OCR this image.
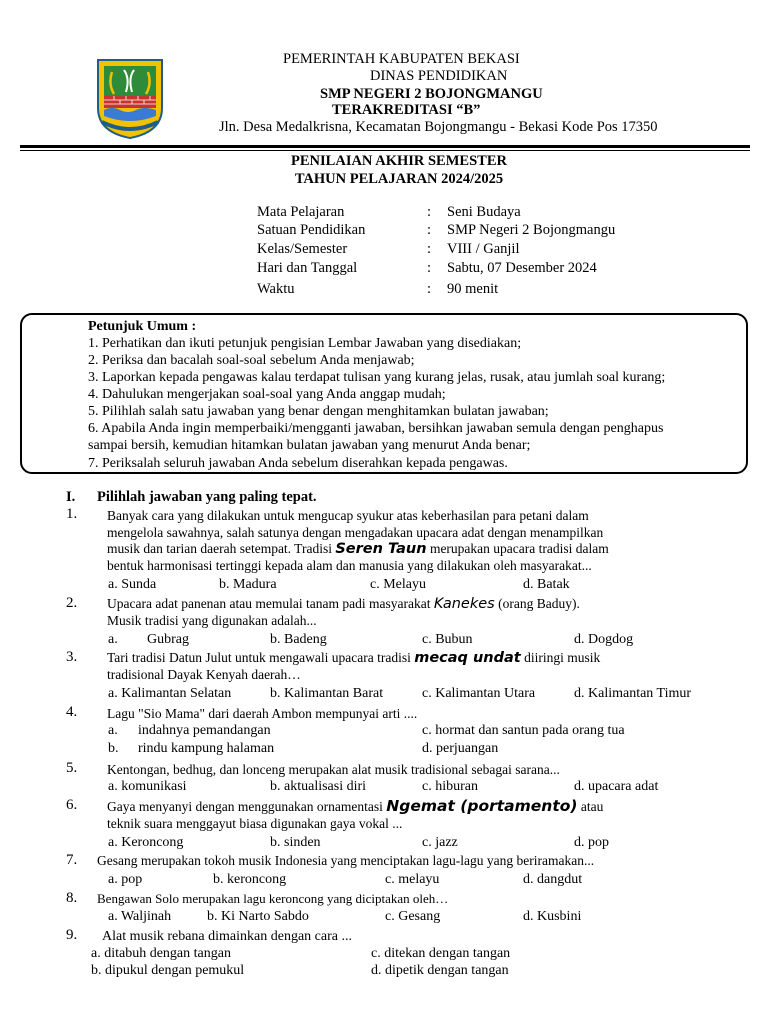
PEMERINTAH KABUPATEN BEKASI
DINAS PENDIDIKAN
SMP NEGERI 2 BOJONGMANGU
TERAKREDITASI “B”
Jln. Desa Medalkrisna, Kecamatan Bojongmangu - Bekasi Kode Pos 17350
PENILAIAN AKHIR SEMESTER
TAHUN PELAJARAN 2024/2025
Mata Pelajaran	: Seni Budaya
Satuan Pendidikan	: SMP Negeri 2 Bojongmangu
Kelas/Semester	: VIII / Ganjil
Hari dan Tanggal	: Sabtu, 07 Desember 2024
Waktu	: 90 menit
Petunjuk Umum :
1. Perhatikan dan ikuti petunjuk pengisian Lembar Jawaban yang disediakan;
2. Periksa dan bacalah soal-soal sebelum Anda menjawab;
3. Laporkan kepada pengawas kalau terdapat tulisan yang kurang jelas, rusak, atau jumlah soal kurang;
4. Dahulukan mengerjakan soal-soal yang Anda anggap mudah;
5. Pilihlah salah satu jawaban yang benar dengan menghitamkan bulatan jawaban;
6. Apabila Anda ingin memperbaiki/mengganti jawaban, bersihkan jawaban semula dengan penghapus
sampai bersih, kemudian hitamkan bulatan jawaban yang menurut Anda benar;
7. Periksalah seluruh jawaban Anda sebelum diserahkan kepada pengawas.
I. Pilihlah jawaban yang paling tepat.
1. Banyak cara yang dilakukan untuk mengucap syukur atas keberhasilan para petani dalam
mengelola sawahnya, salah satunya dengan mengadakan upacara adat dengan menampilkan
musik dan tarian daerah setempat. Tradisi Seren Taun merupakan upacara tradisi dalam
bentuk harmonisasi tertinggi kepada alam dan manusia yang dilakukan oleh masyarakat...
a. Sunda	b. Madura	c. Melayu	d. Batak
2. Upacara adat panenan atau memulai tanam padi masyarakat Kanekes (orang Baduy).
Musik tradisi yang digunakan adalah...
a. Gubrag	b. Badeng	c. Bubun	d. Dogdog
3. Tari tradisi Datun Julut untuk mengawali upacara tradisi mecaq undat diiringi musik
tradisional Dayak Kenyah daerah…
a. Kalimantan Selatan	b. Kalimantan Barat	c. Kalimantan Utara	d. Kalimantan Timur
4. Lagu "Sio Mama" dari daerah Ambon mempunyai arti ....
a. indahnya pemandangan	c. hormat dan santun pada orang tua
b. rindu kampung halaman	d. perjuangan
5. Kentongan, bedhug, dan lonceng merupakan alat musik tradisional sebagai sarana...
a. komunikasi	b. aktualisasi diri	c. hiburan	d. upacara adat
6. Gaya menyanyi dengan menggunakan ornamentasi Ngemat (portamento) atau
teknik suara menggayut biasa digunakan gaya vokal ...
a. Keroncong	b. sinden	c. jazz	d. pop
7. Gesang merupakan tokoh musik Indonesia yang menciptakan lagu-lagu yang beriramakan...
a. pop	b. keroncong	c. melayu	d. dangdut
8. Bengawan Solo merupakan lagu keroncong yang diciptakan oleh…
a. Waljinah	b. Ki Narto Sabdo	c. Gesang	d. Kusbini
9. Alat musik rebana dimainkan dengan cara ...
a. ditabuh dengan tangan	c. ditekan dengan tangan
b. dipukul dengan pemukul	d. dipetik dengan tangan
